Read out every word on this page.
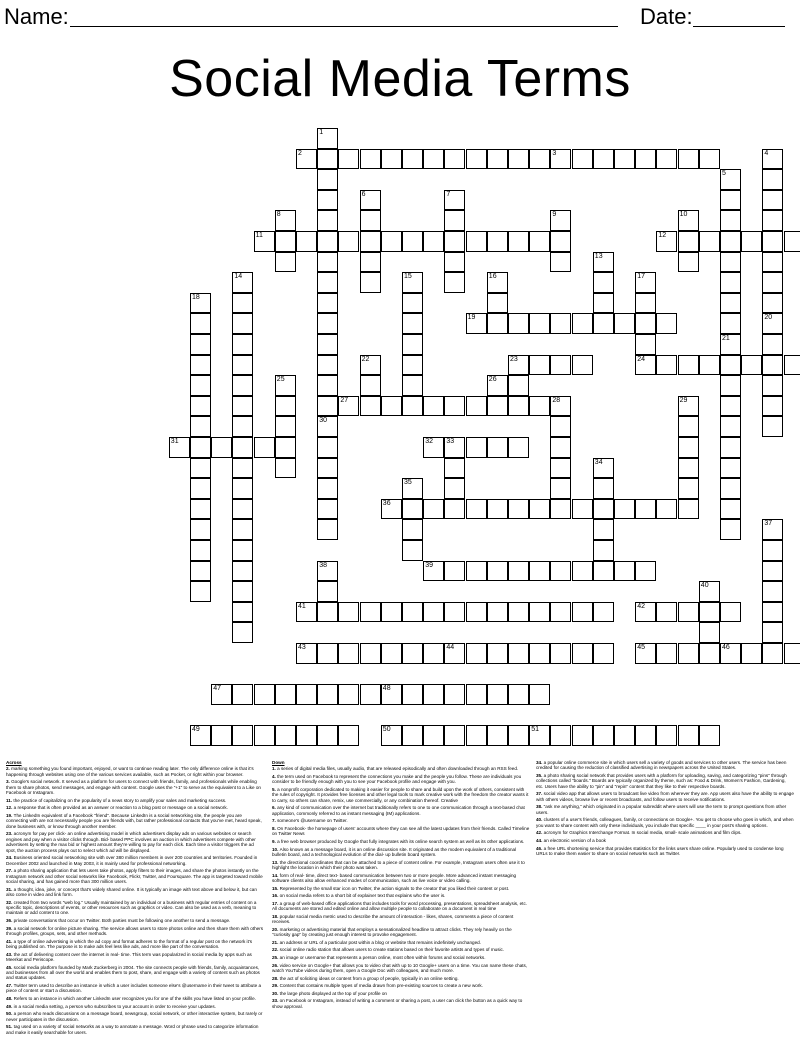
Name:	Date:
Social Media Terms
1
30
2	3	4
20
5
21
6	7
8	9	10
11	12
13
14	15	16	17
18
19
22	23	24
25	26
27	28	29
31	32 33
34
35
36
37
38	39
40
41	42
43	44	45	46
47	48
49	50	51
Across
2. marking something you found important, enjoyed, or want to continue reading later. The only difference online is that it's happening through websites using one of the various services available, such as Pocket, or right within your browser.
3. Google's social network. It served as a platform for users to connect with friends, family, and professionals while enabling them to share photos, send messages, and engage with content. Google uses the "+1" to serve as the equivalent to a Like on Facebook or Instagram.
11. the practice of capitalizing on the popularity of a news story to amplify your sales and marketing success.
12. a response that is often provided as an answer or reaction to a blog post or message on a social network.
19. The LinkedIn equivalent of a Facebook "friend". Because LinkedIn is a social networking site, the people you are connecting with are not necessarily people you are friends with, but rather professional contacts that you've met, heard speak, done business with, or know through another member.
23. acronym for pay per click- an online advertising model in which advertisers display ads on various websites or search engines and pay when a visitor clicks through. Bid- based PPC involves an auction in which advertisers compete with other advertisers by setting the max bid or highest amount they're willing to pay for each click. Each time a visitor triggers the ad spot, the auction process plays out to select which ad will be displayed.
24. Business oriented social networking site with over 380 million members in over 200 countries and territories. Founded in December 2002 and launched in May 2003, it is mainly used for professional networking.
27. a photo sharing application that lets users take photos, apply filters to their images, and share the photos instantly on the Instagram network and other social networks like Facebook, Flickr, Twitter, and Foursquare. The app is targeted toward mobile social sharing, and has gained more than 300 million users.
31. a thought, idea, joke, or concept that's widely shared online. It is typically an image with text above and below it, but can also come in video and link form.
32. created from two words "web log." Usually maintained by an individual or a business with regular entries of content on a specific topic, descriptions of events, or other resources such as graphics or video. Can also be used as a verb, meaning to maintain or add content to one.
36. private conversations that occur on Twitter. Both parties must be following one another to send a message.
39. a social network for online picture sharing. The service allows users to store photos online and then share them with others through profiles, groups, sets, and other methods.
41. a type of online advertising in which the ad copy and format adheres to the format of a regular post on the network it's being published on. The purpose is to make ads feel less like ads, and more like part of the conversation.
43. the act of delivering content over the internet in real- time. This term was popularized in social media by apps such as Meerkat and Periscope.
45. social media platform founded by Mark Zuckerberg in 2004. The site connects people with friends, family, acquaintances, and businesses from all over the world and enables them to post, share, and engage with a variety of content such as photos and status updates.
47. Twitter term used to describe an instance in which a user includes someone else's @username in their tweet to attribute a piece of content or start a discussion.
48. Refers to an instance in which another LinkedIn user recognizes you for one of the skills you have listed on your profile.
49. in a social media setting, a person who subscribes to your account in order to receive your updates.
50. a person who reads discussions on a message board, newsgroup, social network, or other interactive system, but rarely or never participates in the discussion.
51. tag used on a variety of social networks as a way to annotate a message. Word or phrase used to categorize information and make it easily searchable for users.
Down
1. a series of digital media files, usually audio, that are released episodically and often downloaded through an RSS feed.
4. the term used on Facebook to represent the connections you make and the people you follow. These are individuals you consider to be friendly enough with you to see your Facebook profile and engage with you.
5. a nonprofit corporation dedicated to making it easier for people to share and build upon the work of others, consistent with the rules of copyright. It provides free licenses and other legal tools to mark creative work with the freedom the creator wants it to carry, so others can share, remix, use commercially, or any combination thereof. Creative
6. any kind of communication over the internet but traditionally refers to one to one communication through a text-based chat application, commonly referred to as instant messaging (IM) applications.
7. someone's @username on Twitter.
8. On Facebook- the homepage of users' accounts where they can see all the latest updates from their friends. Called Timeline on Twitter News
9. a free web browser produced by Google that fully integrates with its online search system as well as its other applications.
10. Also known as a message board, it is an online discussion site. It originated as the modern equivalent of a traditional bulletin board, and a technological evolution of the dial- up bulletin board system.
13. the directional coordinates that can be attached to a piece of content online. For example, Instagram users often use it to highlight the location in which their photo was taken.
14. form of real- time, direct text- based communication between two or more people. More advanced instant messaging software clients also allow enhanced modes of communication, such as live voice or video calling.
15. Represented by the small star icon on Twitter, the action signals to the creator that you liked their content or post.
16. on social media refers to a short bit of explainer text that explains who the user is.
17. a group of web-based office applications that includes tools for word processing, presentations, spreadsheet analysis, etc. All documents are stored and edited online and allow multiple people to collaborate on a document in real time
18. popular social media metric used to describe the amount of interaction - likes, shares, comments a piece of content receives.
20. marketing or advertising material that employs a sensationalized headline to attract clicks. They rely heavily on the "curiosity gap" by creating just enough interest to provoke engagement.
21. an address or URL of a particular post within a blog or website that remains indefinitely unchanged.
22. social online radio station that allows users to create stations based on their favorite artists and types of music.
25. an image or username that represents a person online, most often within forums and social networks.
26. video service on Google+ that allows you to video chat with up to 10 Google+ users on a time. You can name these chats, watch YouTube videos during them, open a Google Doc with colleagues, and much more.
28. the act of soliciting ideas or content from a group of people, typically in an online setting.
29. Content that contains multiple types of media drawn from pre-existing sources to create a new work.
30. the large photo displayed at the top of your profile on
33. on Facebook or Instagram, instead of writing a comment or sharing a post, a user can click the button as a quick way to show approval.
34. a popular online commerce site in which users sell a variety of goods and services to other users. The service has been credited for causing the reduction of classified advertising in newspapers across the United States.
35. a photo sharing social network that provides users with a platform for uploading, saving, and categorizing "pins" through collections called "boards." Boards are typically organized by theme, such as: Food & Drink, Women's Fashion, Gardening, etc. Users have the ability to "pin" and "repin" content that they like to their respective boards.
37. social video app that allows users to broadcast live video from wherever they are. App users also have the ability to engage with others videos, browse live or recent broadcasts, and follow users to receive notifications.
38. "ask me anything," which originated in a popular subreddit where users will use the term to prompt questions from other users.
40. clusters of a user's friends, colleagues, family, or connections on Google+. You get to choose who goes in which, and when you want to share content with only these individuals, you include that specific ____ in your post's sharing options.
42. acronym for Graphics Interchange Format. In social media, small- scale animations and film clips.
44. an electronic version of a book
46. a free URL shortening service that provides statistics for the links users share online. Popularly used to condense long URLs to make them easier to share on social networks such as Twitter.
